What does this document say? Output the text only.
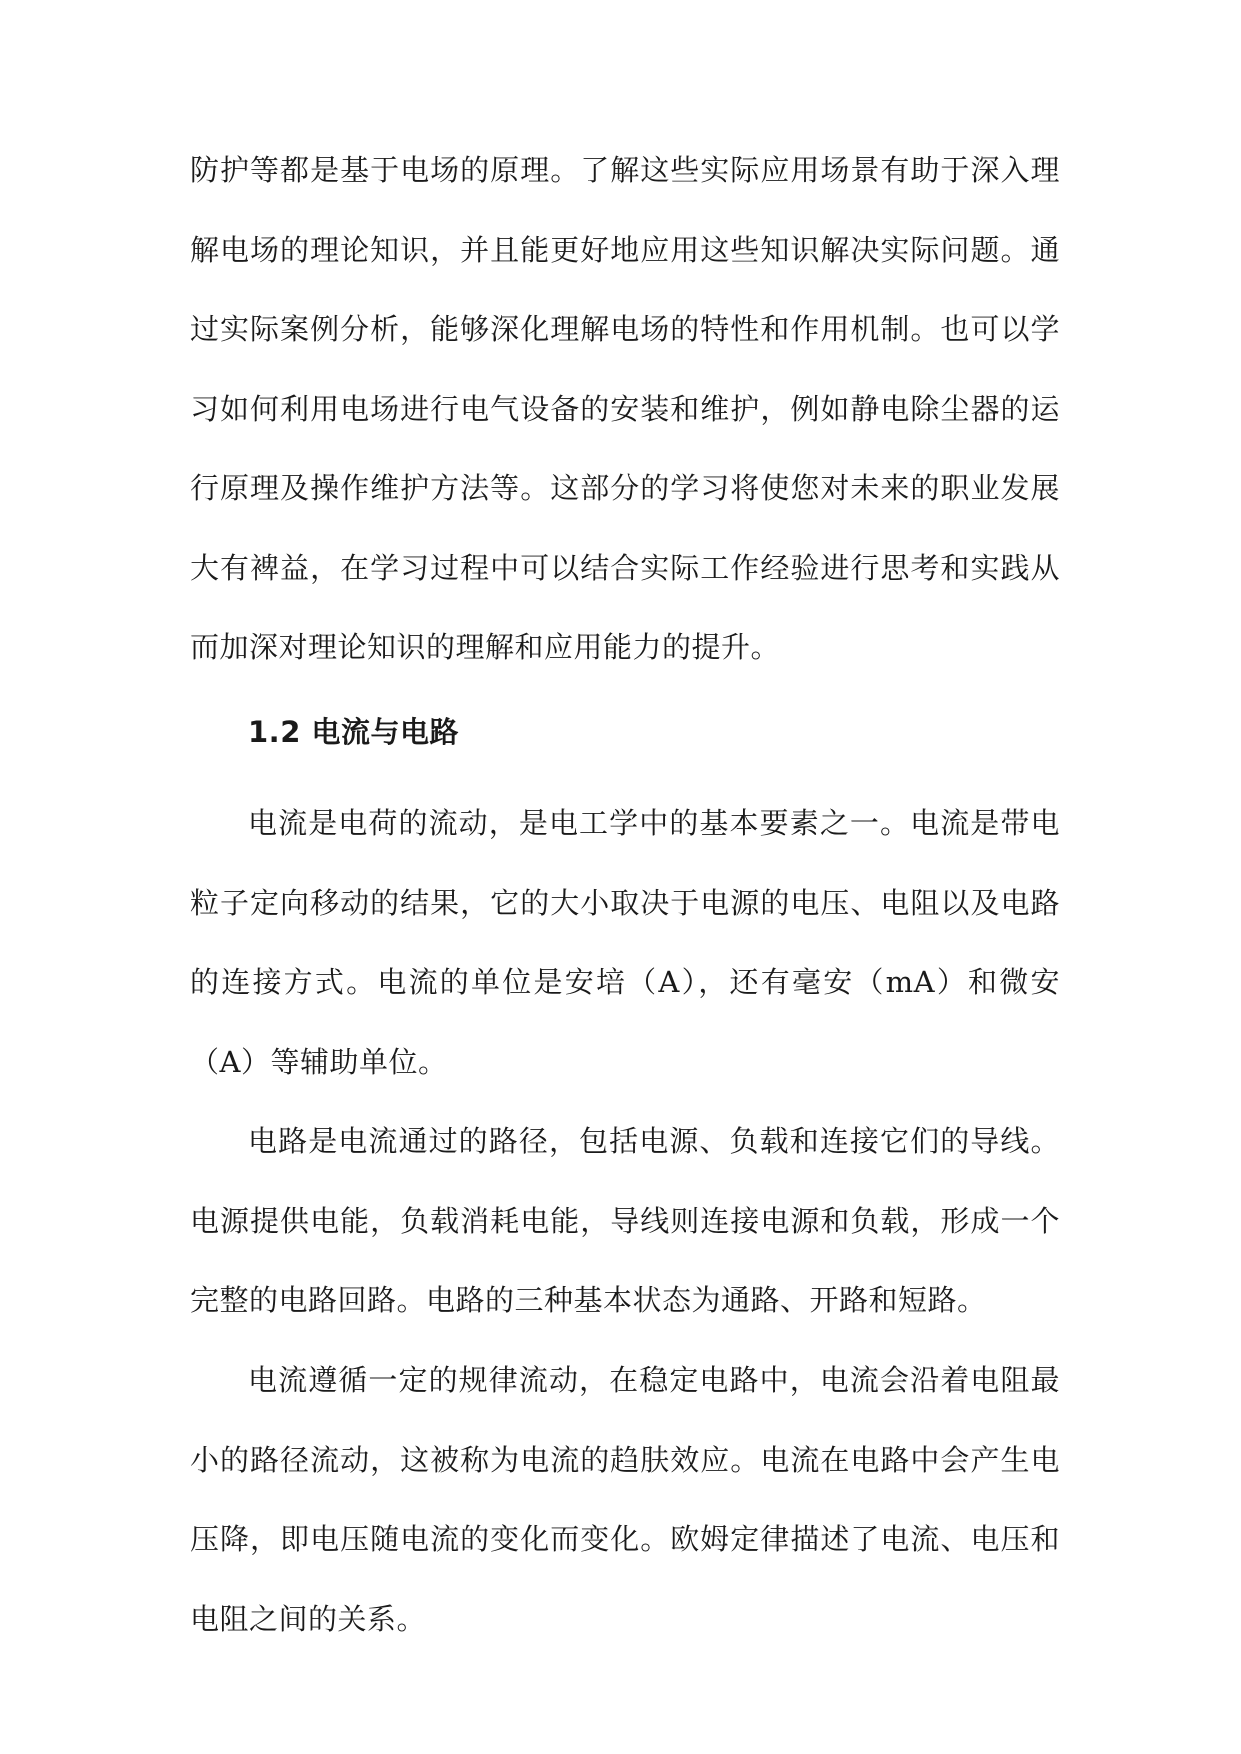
防护等都是基于电场的原理。了解这些实际应用场景有助于深入理解电场的理论知识，并且能更好地应用这些知识解决实际问题。通过实际案例分析，能够深化理解电场的特性和作用机制。也可以学习如何利用电场进行电气设备的安装和维护，例如静电除尘器的运行原理及操作维护方法等。这部分的学习将使您对未来的职业发展大有裨益，在学习过程中可以结合实际工作经验进行思考和实践从而加深对理论知识的理解和应用能力的提升。

1.2 电流与电路

电流是电荷的流动，是电工学中的基本要素之一。电流是带电粒子定向移动的结果，它的大小取决于电源的电压、电阻以及电路的连接方式。电流的单位是安培（A），还有毫安（mA）和微安（A）等辅助单位。

电路是电流通过的路径，包括电源、负载和连接它们的导线。电源提供电能，负载消耗电能，导线则连接电源和负载，形成一个完整的电路回路。电路的三种基本状态为通路、开路和短路。

电流遵循一定的规律流动，在稳定电路中，电流会沿着电阻最小的路径流动，这被称为电流的趋肤效应。电流在电路中会产生电压降，即电压随电流的变化而变化。欧姆定律描述了电流、电压和电阻之间的关系。
